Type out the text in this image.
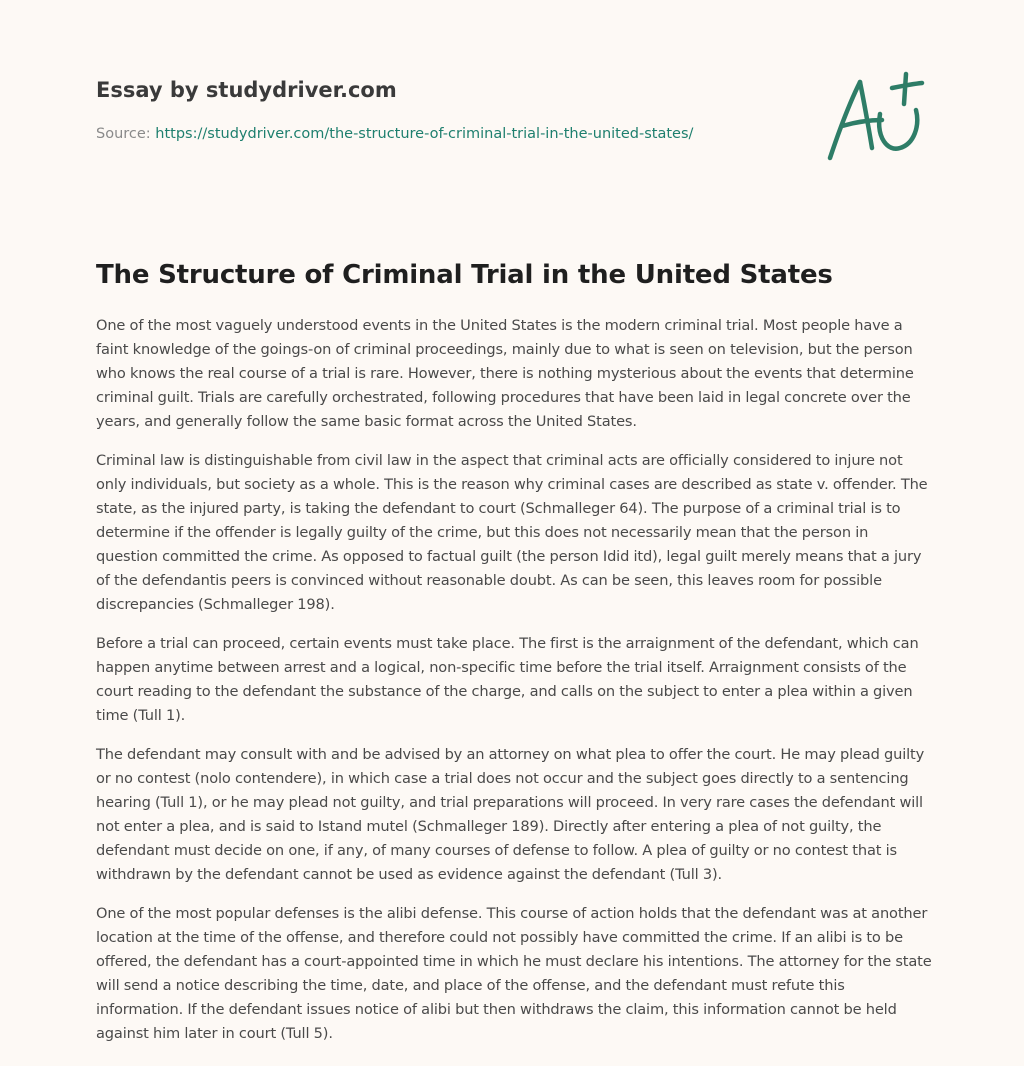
Essay by studydriver.com
Source: https://studydriver.com/the-structure-of-criminal-trial-in-the-united-states/
The Structure of Criminal Trial in the United States

One of the most vaguely understood events in the United States is the modern criminal trial. Most people have a faint knowledge of the goings-on of criminal proceedings, mainly due to what is seen on television, but the person who knows the real course of a trial is rare. However, there is nothing mysterious about the events that determine criminal guilt. Trials are carefully orchestrated, following procedures that have been laid in legal concrete over the years, and generally follow the same basic format across the United States.

Criminal law is distinguishable from civil law in the aspect that criminal acts are officially considered to injure not only individuals, but society as a whole. This is the reason why criminal cases are described as state v. offender. The state, as the injured party, is taking the defendant to court (Schmalleger 64). The purpose of a criminal trial is to determine if the offender is legally guilty of the crime, but this does not necessarily mean that the person in question committed the crime. As opposed to factual guilt (the person Idid itd), legal guilt merely means that a jury of the defendantis peers is convinced without reasonable doubt. As can be seen, this leaves room for possible discrepancies (Schmalleger 198).

Before a trial can proceed, certain events must take place. The first is the arraignment of the defendant, which can happen anytime between arrest and a logical, non-specific time before the trial itself. Arraignment consists of the court reading to the defendant the substance of the charge, and calls on the subject to enter a plea within a given time (Tull 1).

The defendant may consult with and be advised by an attorney on what plea to offer the court. He may plead guilty or no contest (nolo contendere), in which case a trial does not occur and the subject goes directly to a sentencing hearing (Tull 1), or he may plead not guilty, and trial preparations will proceed. In very rare cases the defendant will not enter a plea, and is said to Istand mutel (Schmalleger 189). Directly after entering a plea of not guilty, the defendant must decide on one, if any, of many courses of defense to follow. A plea of guilty or no contest that is withdrawn by the defendant cannot be used as evidence against the defendant (Tull 3).

One of the most popular defenses is the alibi defense. This course of action holds that the defendant was at another location at the time of the offense, and therefore could not possibly have committed the crime. If an alibi is to be offered, the defendant has a court-appointed time in which he must declare his intentions. The attorney for the state will send a notice describing the time, date, and place of the offense, and the defendant must refute this information. If the defendant issues notice of alibi but then withdraws the claim, this information cannot be held against him later in court (Tull 5).
